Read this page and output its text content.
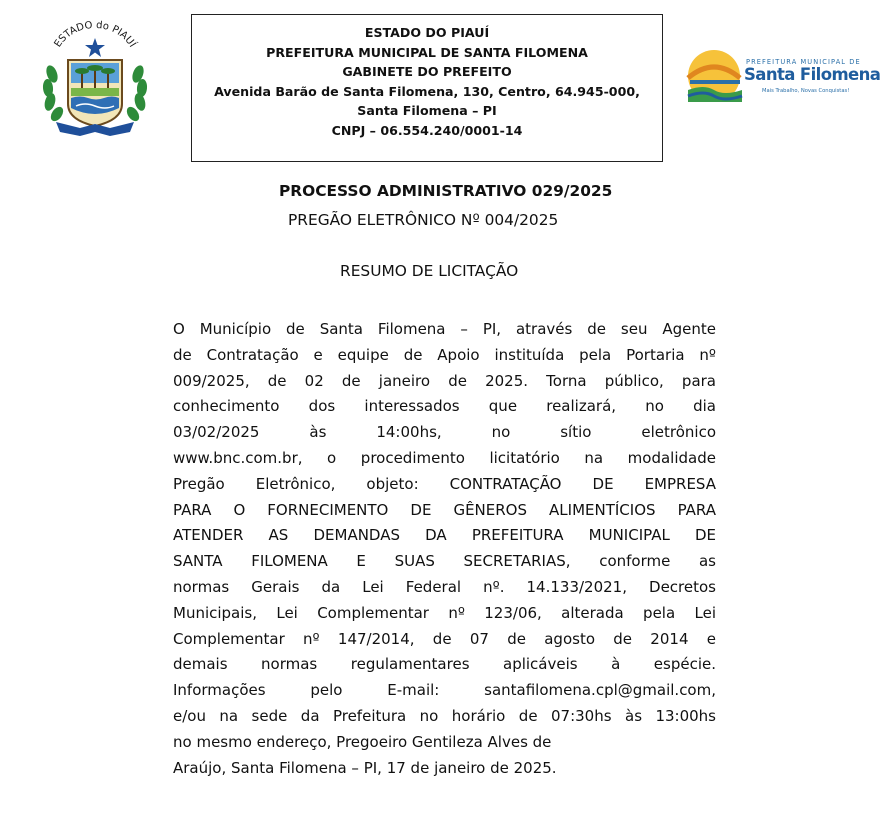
ESTADO do PIAUÍ
ESTADO DO PIAUÍ
PREFEITURA MUNICIPAL DE SANTA FILOMENA
GABINETE DO PREFEITO
Avenida Barão de Santa Filomena, 130, Centro, 64.945-000,
Santa Filomena – PI
CNPJ – 06.554.240/0001-14
PREFEITURA MUNICIPAL DE
Santa Filomena
Mais Trabalho, Novas Conquistas!
PROCESSO ADMINISTRATIVO 029/2025
PREGÃO ELETRÔNICO Nº 004/2025
RESUMO DE LICITAÇÃO
O Município de Santa Filomena – PI, através de seu Agente
de Contratação e equipe de Apoio instituída pela Portaria nº
009/2025, de 02 de janeiro de 2025. Torna público, para
conhecimento dos interessados que realizará, no dia
03/02/2025 às 14:00hs, no sítio eletrônico
www.bnc.com.br, o procedimento licitatório na modalidade
Pregão Eletrônico, objeto: CONTRATAÇÃO DE EMPRESA
PARA O FORNECIMENTO DE GÊNEROS ALIMENTÍCIOS PARA
ATENDER AS DEMANDAS DA PREFEITURA MUNICIPAL DE
SANTA FILOMENA E SUAS SECRETARIAS, conforme as
normas Gerais da Lei Federal nº. 14.133/2021, Decretos
Municipais, Lei Complementar nº 123/06, alterada pela Lei
Complementar nº 147/2014, de 07 de agosto de 2014 e
demais normas regulamentares aplicáveis à espécie.
Informações pelo E-mail: santafilomena.cpl@gmail.com,
e/ou na sede da Prefeitura no horário de 07:30hs às 13:00hs
no mesmo endereço, Pregoeiro Gentileza Alves de
Araújo, Santa Filomena – PI, 17 de janeiro de 2025.
